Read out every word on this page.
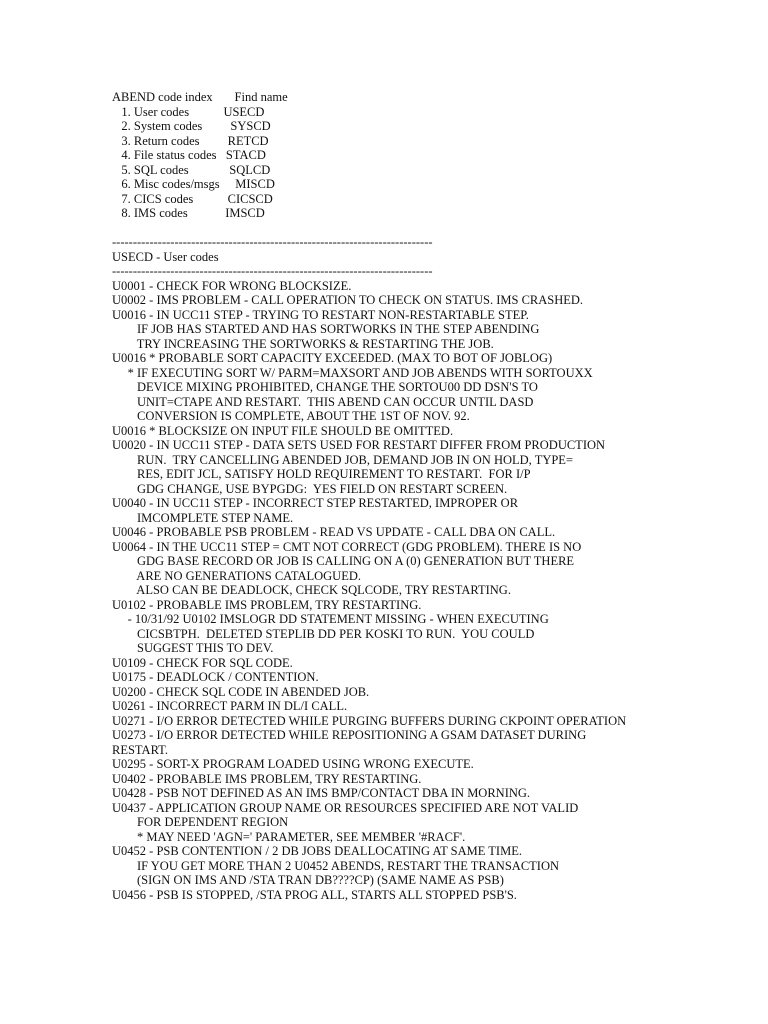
ABEND code index       Find name
1. User codes           USECD
2. System codes         SYSCD
3. Return codes         RETCD
4. File status codes   STACD
5. SQL codes             SQLCD
6. Misc codes/msgs     MISCD
7. CICS codes           CICSCD
8. IMS codes            IMSCD
-----------------------------------------------------------------------------
USECD - User codes
-----------------------------------------------------------------------------
U0001 - CHECK FOR WRONG BLOCKSIZE.
U0002 - IMS PROBLEM - CALL OPERATION TO CHECK ON STATUS. IMS CRASHED.
U0016 - IN UCC11 STEP - TRYING TO RESTART NON-RESTARTABLE STEP.
IF JOB HAS STARTED AND HAS SORTWORKS IN THE STEP ABENDING
TRY INCREASING THE SORTWORKS & RESTARTING THE JOB.
U0016 * PROBABLE SORT CAPACITY EXCEEDED. (MAX TO BOT OF JOBLOG)
* IF EXECUTING SORT W/ PARM=MAXSORT AND JOB ABENDS WITH SORTOUXX
DEVICE MIXING PROHIBITED, CHANGE THE SORTOU00 DD DSN'S TO
UNIT=CTAPE AND RESTART.  THIS ABEND CAN OCCUR UNTIL DASD
CONVERSION IS COMPLETE, ABOUT THE 1ST OF NOV. 92.
U0016 * BLOCKSIZE ON INPUT FILE SHOULD BE OMITTED.
U0020 - IN UCC11 STEP - DATA SETS USED FOR RESTART DIFFER FROM PRODUCTION
RUN.  TRY CANCELLING ABENDED JOB, DEMAND JOB IN ON HOLD, TYPE=
RES, EDIT JCL, SATISFY HOLD REQUIREMENT TO RESTART.  FOR I/P
GDG CHANGE, USE BYPGDG:  YES FIELD ON RESTART SCREEN.
U0040 - IN UCC11 STEP - INCORRECT STEP RESTARTED, IMPROPER OR
IMCOMPLETE STEP NAME.
U0046 - PROBABLE PSB PROBLEM - READ VS UPDATE - CALL DBA ON CALL.
U0064 - IN THE UCC11 STEP = CMT NOT CORRECT (GDG PROBLEM). THERE IS NO
GDG BASE RECORD OR JOB IS CALLING ON A (0) GENERATION BUT THERE
ARE NO GENERATIONS CATALOGUED.
ALSO CAN BE DEADLOCK, CHECK SQLCODE, TRY RESTARTING.
U0102 - PROBABLE IMS PROBLEM, TRY RESTARTING.
- 10/31/92 U0102 IMSLOGR DD STATEMENT MISSING - WHEN EXECUTING
CICSBTPH.  DELETED STEPLIB DD PER KOSKI TO RUN.  YOU COULD
SUGGEST THIS TO DEV.
U0109 - CHECK FOR SQL CODE.
U0175 - DEADLOCK / CONTENTION.
U0200 - CHECK SQL CODE IN ABENDED JOB.
U0261 - INCORRECT PARM IN DL/I CALL.
U0271 - I/O ERROR DETECTED WHILE PURGING BUFFERS DURING CKPOINT OPERATION
U0273 - I/O ERROR DETECTED WHILE REPOSITIONING A GSAM DATASET DURING
RESTART.
U0295 - SORT-X PROGRAM LOADED USING WRONG EXECUTE.
U0402 - PROBABLE IMS PROBLEM, TRY RESTARTING.
U0428 - PSB NOT DEFINED AS AN IMS BMP/CONTACT DBA IN MORNING.
U0437 - APPLICATION GROUP NAME OR RESOURCES SPECIFIED ARE NOT VALID
FOR DEPENDENT REGION
* MAY NEED 'AGN=' PARAMETER, SEE MEMBER '#RACF'.
U0452 - PSB CONTENTION / 2 DB JOBS DEALLOCATING AT SAME TIME.
IF YOU GET MORE THAN 2 U0452 ABENDS, RESTART THE TRANSACTION
(SIGN ON IMS AND /STA TRAN DB????CP) (SAME NAME AS PSB)
U0456 - PSB IS STOPPED, /STA PROG ALL, STARTS ALL STOPPED PSB'S.
